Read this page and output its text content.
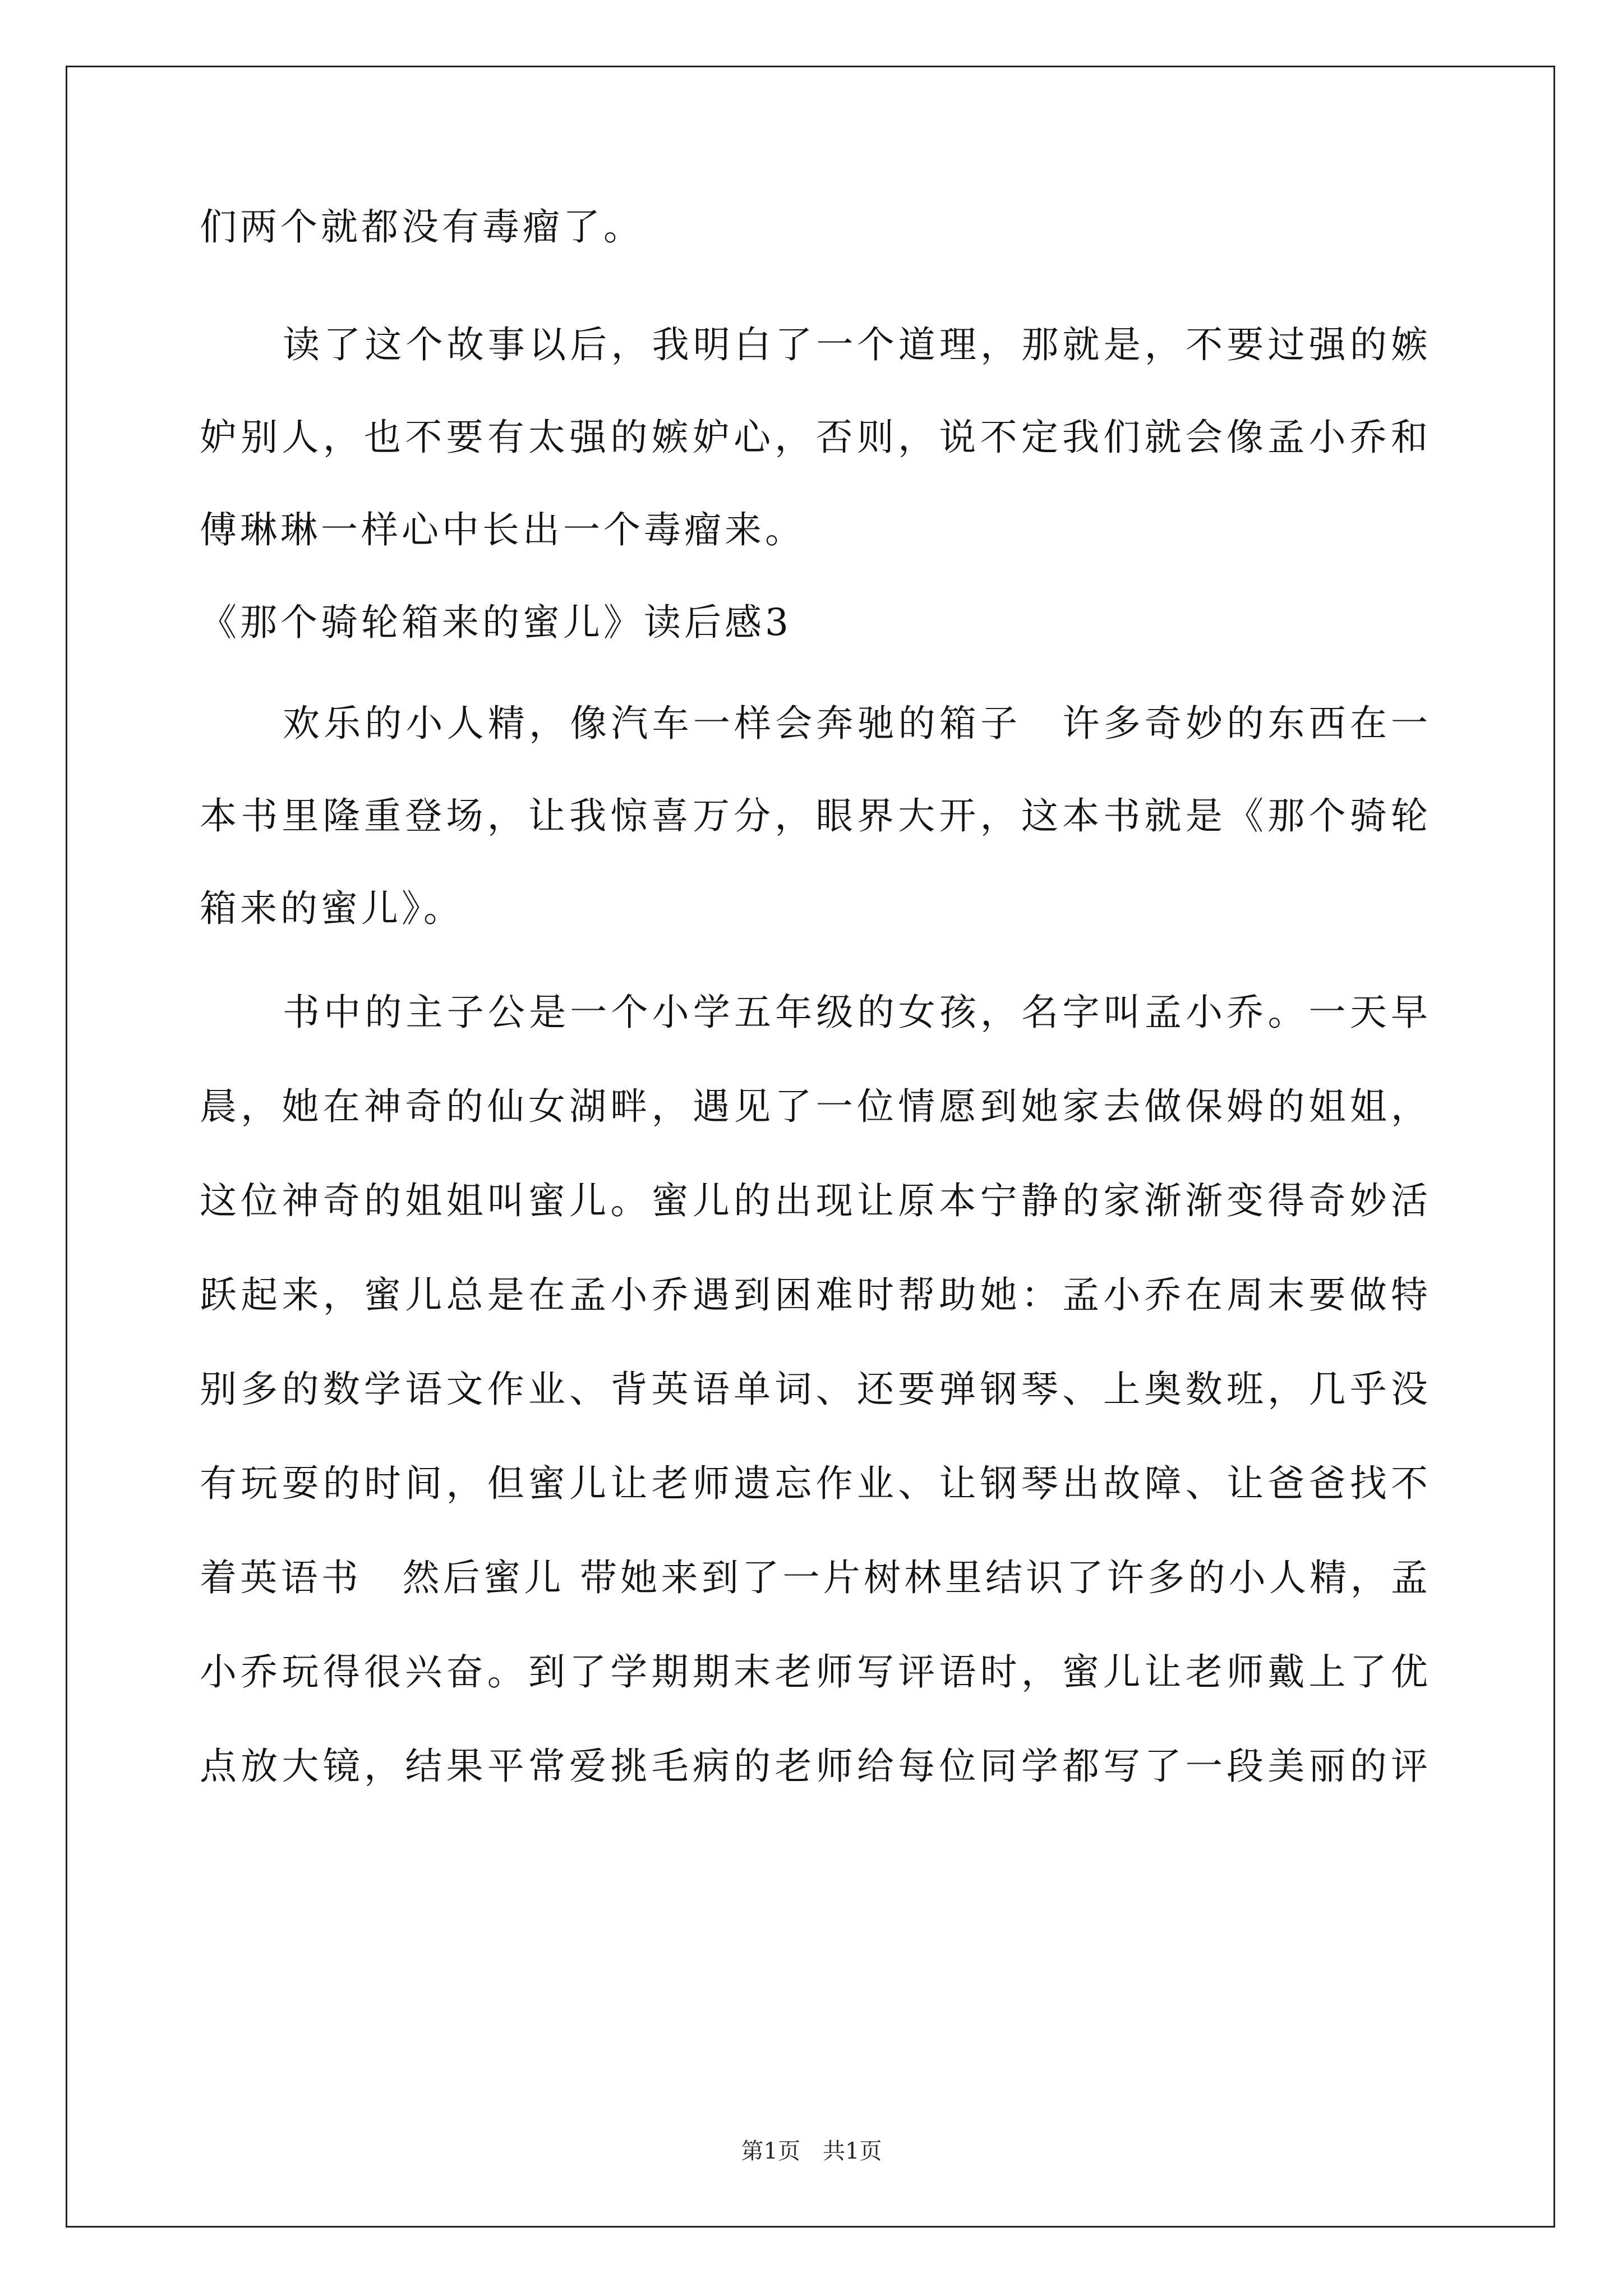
们两个就都没有毒瘤了。
读了这个故事以后，我明白了一个道理，那就是，不要过强的嫉
妒别人，也不要有太强的嫉妒心，否则，说不定我们就会像孟小乔和
傅琳琳一样心中长出一个毒瘤来。
《那个骑轮箱来的蜜儿》读后感3
欢乐的小人精，像汽车一样会奔驰的箱子　许多奇妙的东西在一
本书里隆重登场，让我惊喜万分，眼界大开，这本书就是《那个骑轮
箱来的蜜儿》。
书中的主子公是一个小学五年级的女孩，名字叫孟小乔。一天早
晨，她在神奇的仙女湖畔，遇见了一位情愿到她家去做保姆的姐姐，
这位神奇的姐姐叫蜜儿。蜜儿的出现让原本宁静的家渐渐变得奇妙活
跃起来，蜜儿总是在孟小乔遇到困难时帮助她：孟小乔在周末要做特
别多的数学语文作业、背英语单词、还要弹钢琴、上奥数班，几乎没
有玩耍的时间，但蜜儿让老师遗忘作业、让钢琴出故障、让爸爸找不
着英语书　然后蜜儿 带她来到了一片树林里结识了许多的小人精，孟
小乔玩得很兴奋。到了学期期末老师写评语时，蜜儿让老师戴上了优
点放大镜，结果平常爱挑毛病的老师给每位同学都写了一段美丽的评
第1页　共1页
